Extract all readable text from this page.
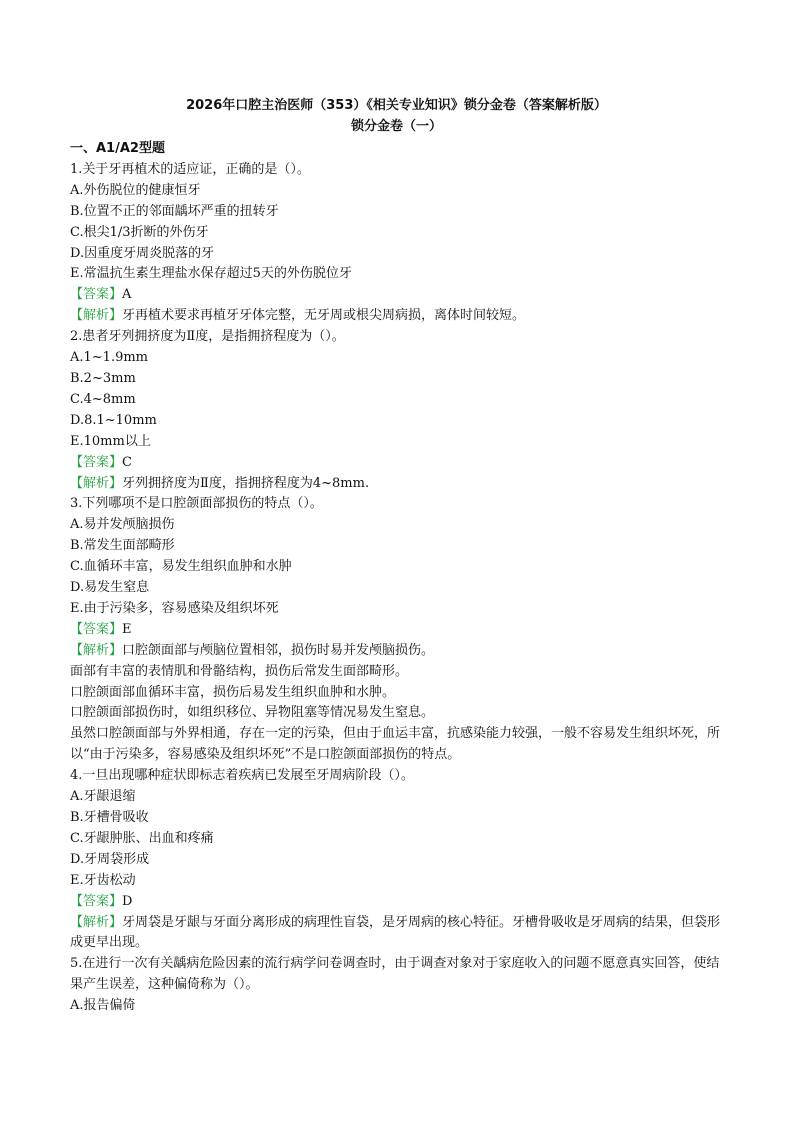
2026年口腔主治医师（353）《相关专业知识》锁分金卷（答案解析版）
锁分金卷（一）
一、A1/A2型题
1.关于牙再植术的适应证，正确的是（）。
A.外伤脱位的健康恒牙
B.位置不正的邻面龋坏严重的扭转牙
C.根尖1/3折断的外伤牙
D.因重度牙周炎脱落的牙
E.常温抗生素生理盐水保存超过5天的外伤脱位牙
【答案】A
【解析】牙再植术要求再植牙牙体完整，无牙周或根尖周病损，离体时间较短。
2.患者牙列拥挤度为Ⅱ度，是指拥挤程度为（）。
A.1~1.9mm
B.2~3mm
C.4~8mm
D.8.1~10mm
E.10mm以上
【答案】C
【解析】牙列拥挤度为Ⅱ度，指拥挤程度为4~8mm.
3.下列哪项不是口腔颌面部损伤的特点（）。
A.易并发颅脑损伤
B.常发生面部畸形
C.血循环丰富，易发生组织血肿和水肿
D.易发生窒息
E.由于污染多，容易感染及组织坏死
【答案】E
【解析】口腔颌面部与颅脑位置相邻，损伤时易并发颅脑损伤。
面部有丰富的表情肌和骨骼结构，损伤后常发生面部畸形。
口腔颌面部血循环丰富，损伤后易发生组织血肿和水肿。
口腔颌面部损伤时，如组织移位、异物阻塞等情况易发生窒息。
虽然口腔颌面部与外界相通，存在一定的污染，但由于血运丰富，抗感染能力较强，一般不容易发生组织坏死，所以“由于污染多，容易感染及组织坏死”不是口腔颌面部损伤的特点。
4.一旦出现哪种症状即标志着疾病已发展至牙周病阶段（）。
A.牙龈退缩
B.牙槽骨吸收
C.牙龈肿胀、出血和疼痛
D.牙周袋形成
E.牙齿松动
【答案】D
【解析】牙周袋是牙龈与牙面分离形成的病理性盲袋，是牙周病的核心特征。牙槽骨吸收是牙周病的结果，但袋形成更早出现。
5.在进行一次有关龋病危险因素的流行病学问卷调查时，由于调查对象对于家庭收入的问题不愿意真实回答，使结果产生误差，这种偏倚称为（）。
A.报告偏倚
